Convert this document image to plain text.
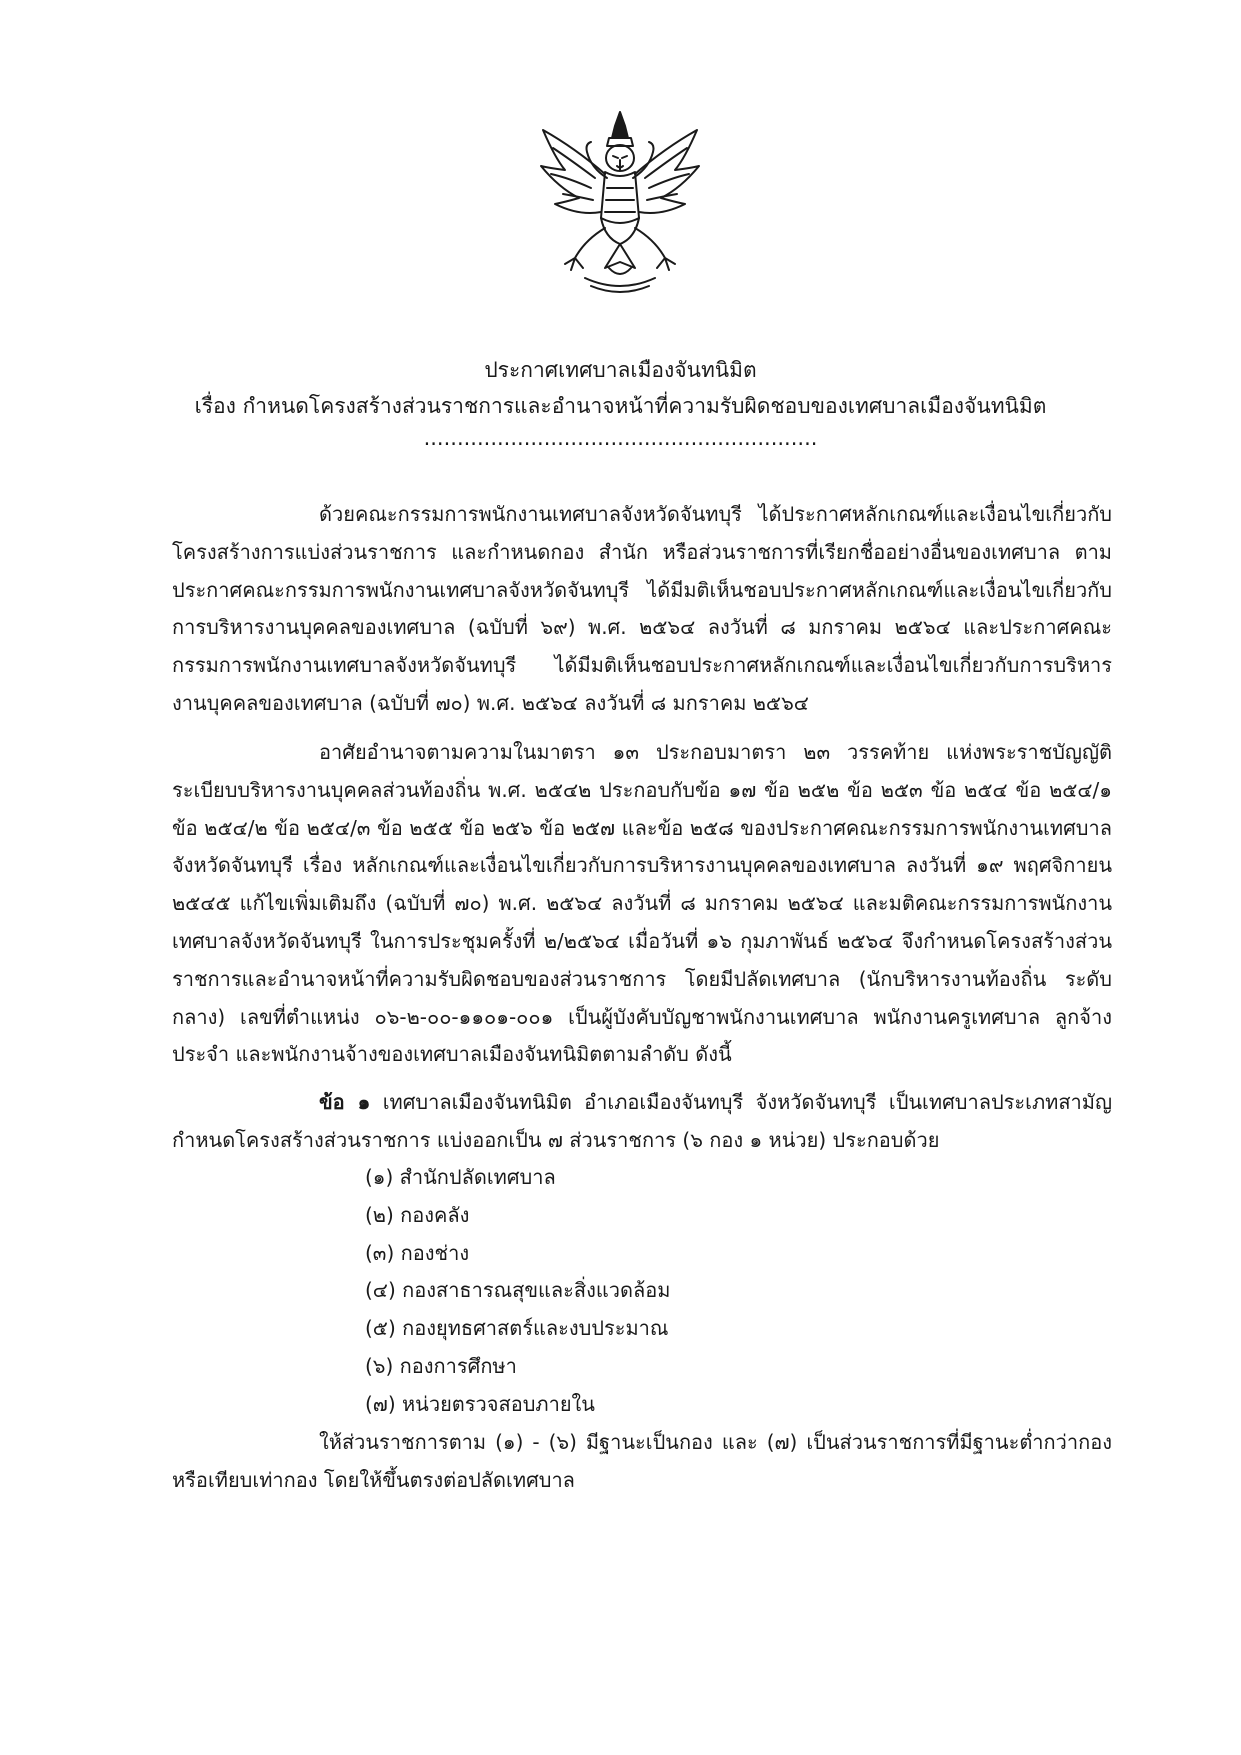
ประกาศเทศบาลเมืองจันทนิมิต
เรื่อง กำหนดโครงสร้างส่วนราชการและอำนาจหน้าที่ความรับผิดชอบของเทศบาลเมืองจันทนิมิต
...........................................................

ด้วยคณะกรรมการพนักงานเทศบาลจังหวัดจันทบุรี ได้ประกาศหลักเกณฑ์และเงื่อนไขเกี่ยวกับโครงสร้างการแบ่งส่วนราชการ และกำหนดกอง สำนัก หรือส่วนราชการที่เรียกชื่ออย่างอื่นของเทศบาล ตามประกาศคณะกรรมการพนักงานเทศบาลจังหวัดจันทบุรี ได้มีมติเห็นชอบประกาศหลักเกณฑ์และเงื่อนไขเกี่ยวกับการบริหารงานบุคคลของเทศบาล (ฉบับที่ ๖๙) พ.ศ. ๒๕๖๔ ลงวันที่ ๘ มกราคม ๒๕๖๔ และประกาศคณะกรรมการพนักงานเทศบาลจังหวัดจันทบุรี ได้มีมติเห็นชอบประกาศหลักเกณฑ์และเงื่อนไขเกี่ยวกับการบริหารงานบุคคลของเทศบาล (ฉบับที่ ๗๐) พ.ศ. ๒๕๖๔ ลงวันที่ ๘ มกราคม ๒๕๖๔

อาศัยอำนาจตามความในมาตรา ๑๓ ประกอบมาตรา ๒๓ วรรคท้าย แห่งพระราชบัญญัติระเบียบบริหารงานบุคคลส่วนท้องถิ่น พ.ศ. ๒๕๔๒ ประกอบกับข้อ ๑๗ ข้อ ๒๕๒ ข้อ ๒๕๓ ข้อ ๒๕๔ ข้อ ๒๕๔/๑ ข้อ ๒๕๔/๒ ข้อ ๒๕๔/๓ ข้อ ๒๕๕ ข้อ ๒๕๖ ข้อ ๒๕๗ และข้อ ๒๕๘ ของประกาศคณะกรรมการพนักงานเทศบาลจังหวัดจันทบุรี เรื่อง หลักเกณฑ์และเงื่อนไขเกี่ยวกับการบริหารงานบุคคลของเทศบาล ลงวันที่ ๑๙ พฤศจิกายน ๒๕๔๕ แก้ไขเพิ่มเติมถึง (ฉบับที่ ๗๐) พ.ศ. ๒๕๖๔ ลงวันที่ ๘ มกราคม ๒๕๖๔ และมติคณะกรรมการพนักงานเทศบาลจังหวัดจันทบุรี ในการประชุมครั้งที่ ๒/๒๕๖๔ เมื่อวันที่ ๑๖ กุมภาพันธ์ ๒๕๖๔ จึงกำหนดโครงสร้างส่วนราชการและอำนาจหน้าที่ความรับผิดชอบของส่วนราชการ โดยมีปลัดเทศบาล (นักบริหารงานท้องถิ่น ระดับกลาง) เลขที่ตำแหน่ง ๐๖-๒-๐๐-๑๑๐๑-๐๐๑ เป็นผู้บังคับบัญชาพนักงานเทศบาล พนักงานครูเทศบาล ลูกจ้างประจำ และพนักงานจ้างของเทศบาลเมืองจันทนิมิตตามลำดับ ดังนี้

ข้อ ๑ เทศบาลเมืองจันทนิมิต อำเภอเมืองจันทบุรี จังหวัดจันทบุรี เป็นเทศบาลประเภทสามัญ กำหนดโครงสร้างส่วนราชการ แบ่งออกเป็น ๗ ส่วนราชการ (๖ กอง ๑ หน่วย) ประกอบด้วย

(๑) สำนักปลัดเทศบาล
(๒) กองคลัง
(๓) กองช่าง
(๔) กองสาธารณสุขและสิ่งแวดล้อม
(๕) กองยุทธศาสตร์และงบประมาณ
(๖) กองการศึกษา
(๗) หน่วยตรวจสอบภายใน

ให้ส่วนราชการตาม (๑) - (๖) มีฐานะเป็นกอง และ (๗) เป็นส่วนราชการที่มีฐานะต่ำกว่ากองหรือเทียบเท่ากอง โดยให้ขึ้นตรงต่อปลัดเทศบาล
